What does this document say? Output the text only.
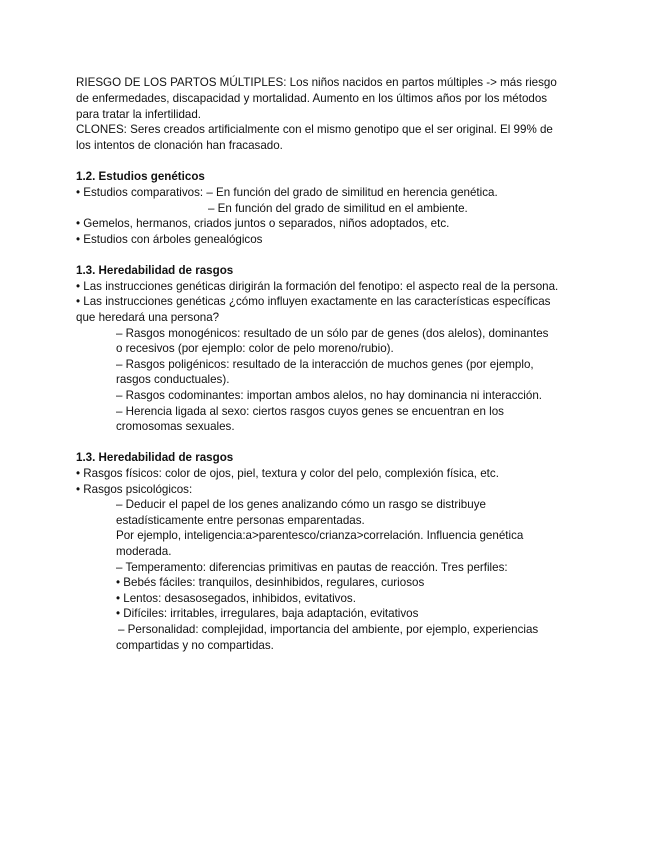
RIESGO DE LOS PARTOS MÚLTIPLES: Los niños nacidos en partos múltiples -> más riesgo
de enfermedades, discapacidad y mortalidad. Aumento en los últimos años por los métodos
para tratar la infertilidad.
CLONES: Seres creados artificialmente con el mismo genotipo que el ser original. El 99% de
los intentos de clonación han fracasado.
1.2. Estudios genéticos
• Estudios comparativos: – En función del grado de similitud en herencia genética.
– En función del grado de similitud en el ambiente.
• Gemelos, hermanos, criados juntos o separados, niños adoptados, etc.
• Estudios con árboles genealógicos
1.3. Heredabilidad de rasgos
• Las instrucciones genéticas dirigirán la formación del fenotipo: el aspecto real de la persona.
• Las instrucciones genéticas ¿cómo influyen exactamente en las características específicas
que heredará una persona?
– Rasgos monogénicos: resultado de un sólo par de genes (dos alelos), dominantes
o recesivos (por ejemplo: color de pelo moreno/rubio).
– Rasgos poligénicos: resultado de la interacción de muchos genes (por ejemplo,
rasgos conductuales).
– Rasgos codominantes: importan ambos alelos, no hay dominancia ni interacción.
– Herencia ligada al sexo: ciertos rasgos cuyos genes se encuentran en los
cromosomas sexuales.
1.3. Heredabilidad de rasgos
• Rasgos físicos: color de ojos, piel, textura y color del pelo, complexión física, etc.
• Rasgos psicológicos:
– Deducir el papel de los genes analizando cómo un rasgo se distribuye
estadísticamente entre personas emparentadas.
Por ejemplo, inteligencia:a>parentesco/crianza>correlación. Influencia genética
moderada.
– Temperamento: diferencias primitivas en pautas de reacción. Tres perfiles:
• Bebés fáciles: tranquilos, desinhibidos, regulares, curiosos
• Lentos: desasosegados, inhibidos, evitativos.
• Difíciles: irritables, irregulares, baja adaptación, evitativos
– Personalidad: complejidad, importancia del ambiente, por ejemplo, experiencias
compartidas y no compartidas.
